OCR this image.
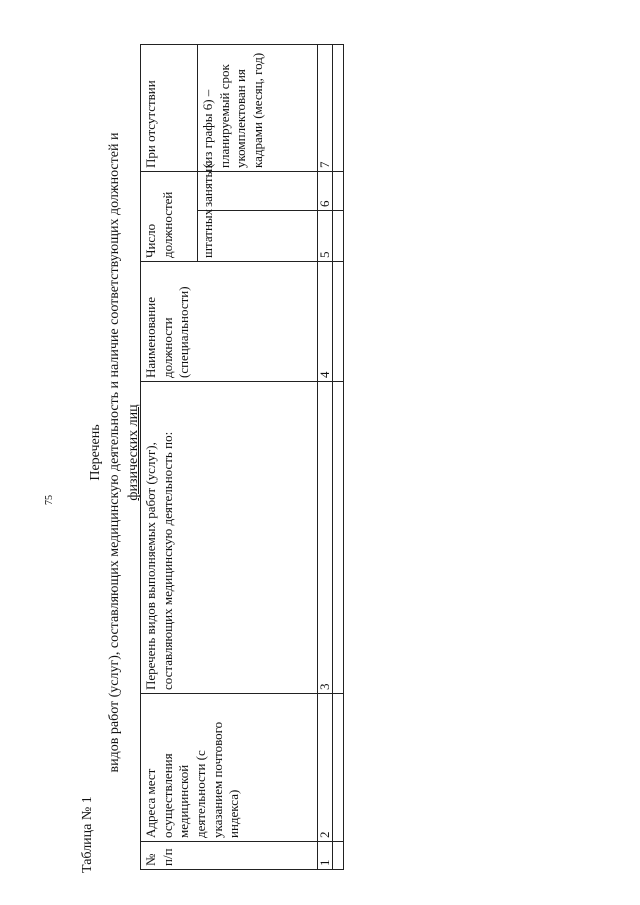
75
Таблица № 1
Перечень видов работ (услуг), составляющих медицинскую деятельность и наличие соответствующих должностей и физических лиц
№ п/п	Адреса мест осуществления медицинской деятельности (с указанием почтового индекса)	Перечень видов выполняемых работ (услуг), составляющих медицинскую деятельность по:	Наименование должности (специальности)	Число должностей		При отсутствии
				штатных	занятых	(из графы 6) – планируемый срок укомплектован ия кадрами (месяц, год)
1	2	3	4	5	6	7
